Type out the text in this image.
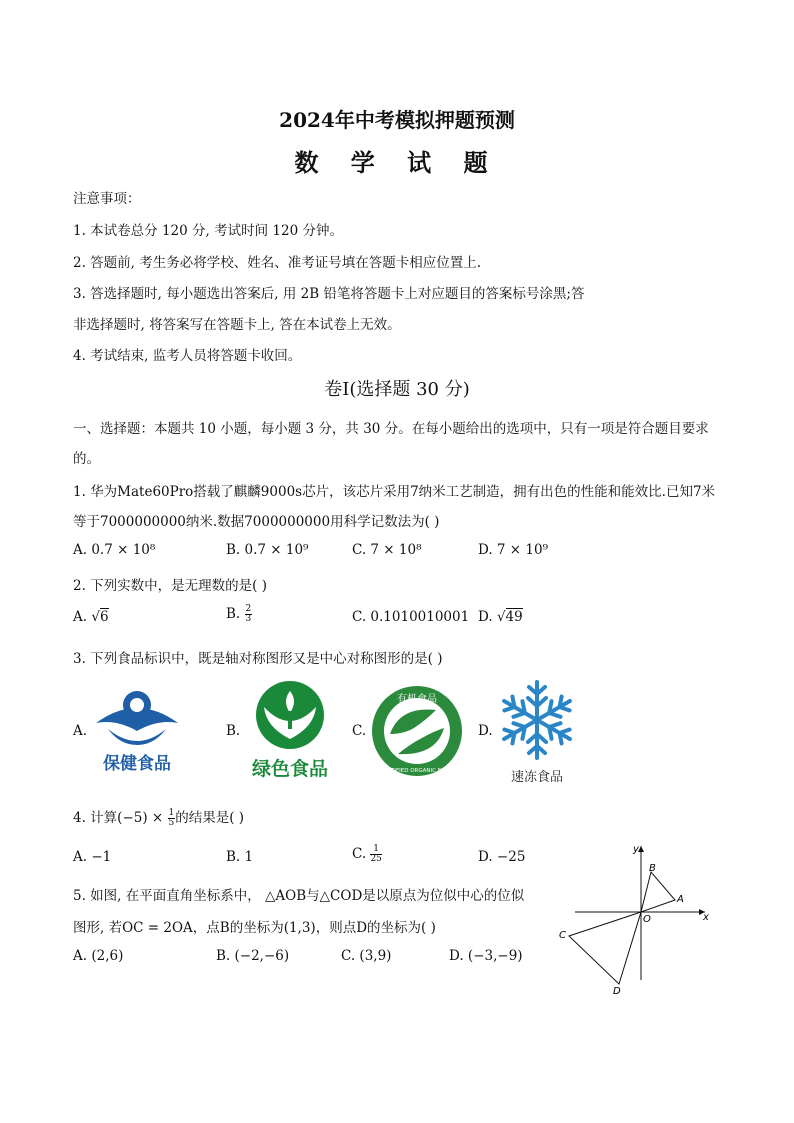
2024年中考模拟押题预测
数 学 试 题
注意事项：
1. 本试卷总分 120 分, 考试时间 120 分钟。
2. 答题前, 考生务必将学校、姓名、准考证号填在答题卡相应位置上.
3. 答选择题时, 每小题选出答案后, 用 2B 铅笔将答题卡上对应题目的答案标号涂黑;答
非选择题时, 将答案写在答题卡上, 答在本试卷上无效。
4. 考试结束, 监考人员将答题卡收回。
卷Ⅰ(选择题 30 分)
一、选择题：本题共 10 小题，每小题 3 分，共 30 分。在每小题给出的选项中，只有一项是符合题目要求
的。
1. 华为Mate60Pro搭载了麒麟9000s芯片，该芯片采用7纳米工艺制造，拥有出色的性能和能效比.已知7米
等于7000000000纳米.数据7000000000用科学记数法为( )
A. 0.7 × 10⁸	B. 0.7 × 10⁹	C. 7 × 10⁸	D. 7 × 10⁹
2. 下列实数中，是无理数的是( )
A. √6	B. $\frac{2}{3}$	C. 0.1010010001 D. √49
3. 下列食品标识中，既是轴对称图形又是中心对称图形的是( )
A.
保健食品
B.
绿色食品
C.
有机食品
CERTIFIED ORGANIC FOOD
D.
速冻食品
4. 计算$(-5) \times \frac{1}{5}$ 的结果是( )
A. −1	B. 1	C. $\frac{1}{25}$	D. −25
5. 如图, 在平面直角坐标系中， △AOB与△COD是以原点为位似中心的位似
图形, 若OC = 2OA，点B的坐标为(1,3)，则点D的坐标为( )
A. (2,6)	B. (−2,−6)	C. (3,9)	D. (−3,−9)
x
y
O
A
B
C
D
